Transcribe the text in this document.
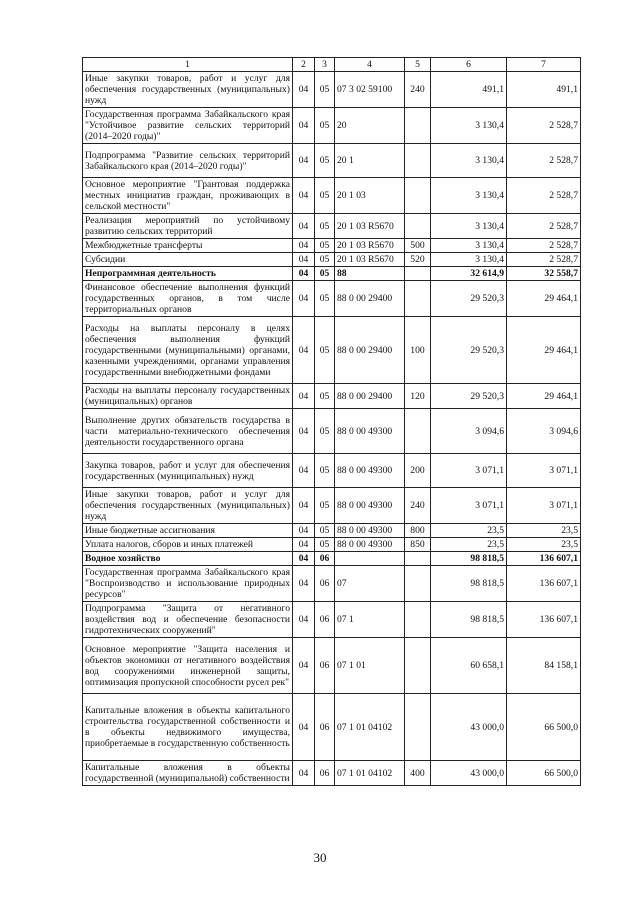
1	2	3	4	5	6	7
Иные закупки товаров, работ и услуг для обеспечения государственных (муниципальных) нужд	04	05	07 3 02 59100	240	491,1	491,1
Государственная программа Забайкальского края "Устойчивое развитие сельских территорий (2014–2020 годы)"	04	05	20		3 130,4	2 528,7
Подпрограмма "Развитие сельских территорий Забайкальского края (2014–2020 годы)"	04	05	20 1		3 130,4	2 528,7
Основное мероприятие "Грантовая поддержка местных инициатив граждан, проживающих в сельской местности"	04	05	20 1 03		3 130,4	2 528,7
Реализация мероприятий по устойчивому развитию сельских территорий	04	05	20 1 03 R5670		3 130,4	2 528,7
Межбюджетные трансферты	04	05	20 1 03 R5670	500	3 130,4	2 528,7
Субсидии	04	05	20 1 03 R5670	520	3 130,4	2 528,7
Непрограммная деятельность	04	05	88		32 614,9	32 558,7
Финансовое обеспечение выполнения функций государственных органов, в том числе территориальных органов	04	05	88 0 00 29400		29 520,3	29 464,1
Расходы на выплаты персоналу в целях обеспечения выполнения функций государственными (муниципальными) органами, казенными учреждениями, органами управления государственными внебюджетными фондами	04	05	88 0 00 29400	100	29 520,3	29 464,1
Расходы на выплаты персоналу государственных (муниципальных) органов	04	05	88 0 00 29400	120	29 520,3	29 464,1
Выполнение других обязательств государства в части материально-технического обеспечения деятельности государственного органа	04	05	88 0 00 49300		3 094,6	3 094,6
Закупка товаров, работ и услуг для обеспечения государственных (муниципальных) нужд	04	05	88 0 00 49300	200	3 071,1	3 071,1
Иные закупки товаров, работ и услуг для обеспечения государственных (муниципальных) нужд	04	05	88 0 00 49300	240	3 071,1	3 071,1
Иные бюджетные ассигнования	04	05	88 0 00 49300	800	23,5	23,5
Уплата налогов, сборов и иных платежей	04	05	88 0 00 49300	850	23,5	23,5
Водное хозяйство	04	06			98 818,5	136 607,1
Государственная программа Забайкальского края "Воспроизводство и использование природных ресурсов"	04	06	07		98 818,5	136 607,1
Подпрограмма "Защита от негативного воздействия вод и обеспечение безопасности гидротехнических сооружений"	04	06	07 1		98 818,5	136 607,1
Основное мероприятие "Защита населения и объектов экономики от негативного воздействия вод сооружениями инженерной защиты, оптимизация пропускной способности русел рек"	04	06	07 1 01		60 658,1	84 158,1
Капитальные вложения в объекты капитального строительства государственной собственности и в объекты недвижимого имущества, приобретаемые в государственную собственность	04	06	07 1 01 04102		43 000,0	66 500,0
Капитальные вложения в объекты государственной (муниципальной) собственности	04	06	07 1 01 04102	400	43 000,0	66 500,0
30
